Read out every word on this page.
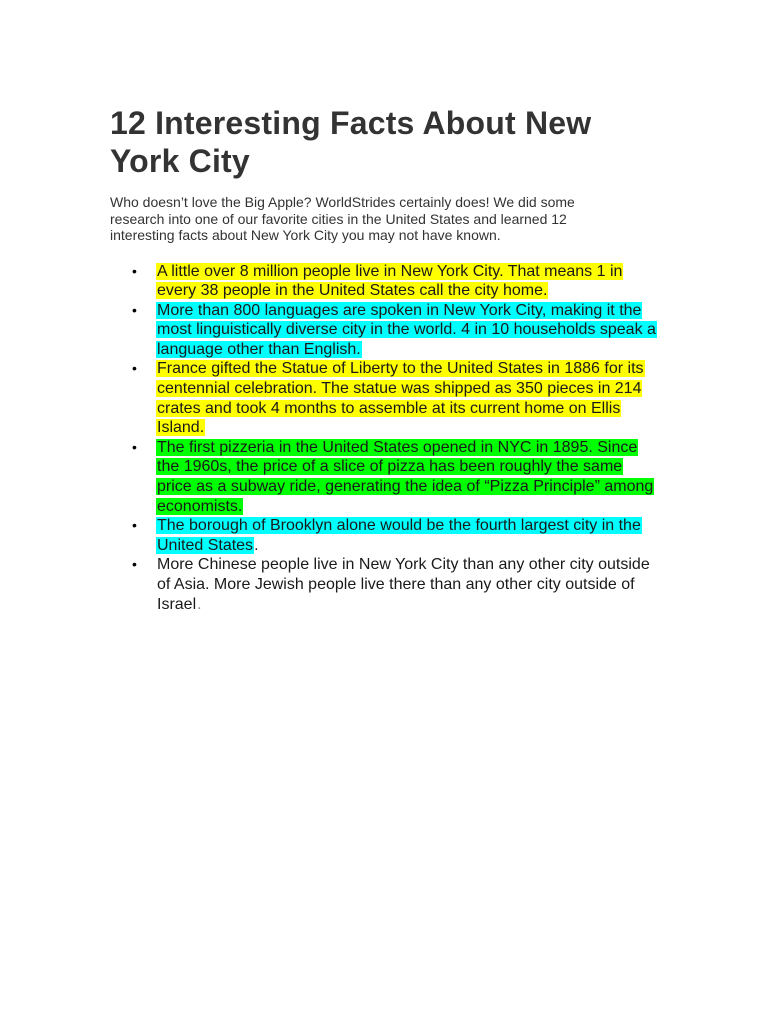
12 Interesting Facts About New York City

Who doesn’t love the Big Apple? WorldStrides certainly does! We did some research into one of our favorite cities in the United States and learned 12 interesting facts about New York City you may not have known.

• A little over 8 million people live in New York City. That means 1 in every 38 people in the United States call the city home.
• More than 800 languages are spoken in New York City, making it the most linguistically diverse city in the world. 4 in 10 households speak a language other than English.
• France gifted the Statue of Liberty to the United States in 1886 for its centennial celebration. The statue was shipped as 350 pieces in 214 crates and took 4 months to assemble at its current home on Ellis Island.
• The first pizzeria in the United States opened in NYC in 1895. Since the 1960s, the price of a slice of pizza has been roughly the same price as a subway ride, generating the idea of “Pizza Principle” among economists.
• The borough of Brooklyn alone would be the fourth largest city in the United States.
• More Chinese people live in New York City than any other city outside of Asia. More Jewish people live there than any other city outside of Israel.
